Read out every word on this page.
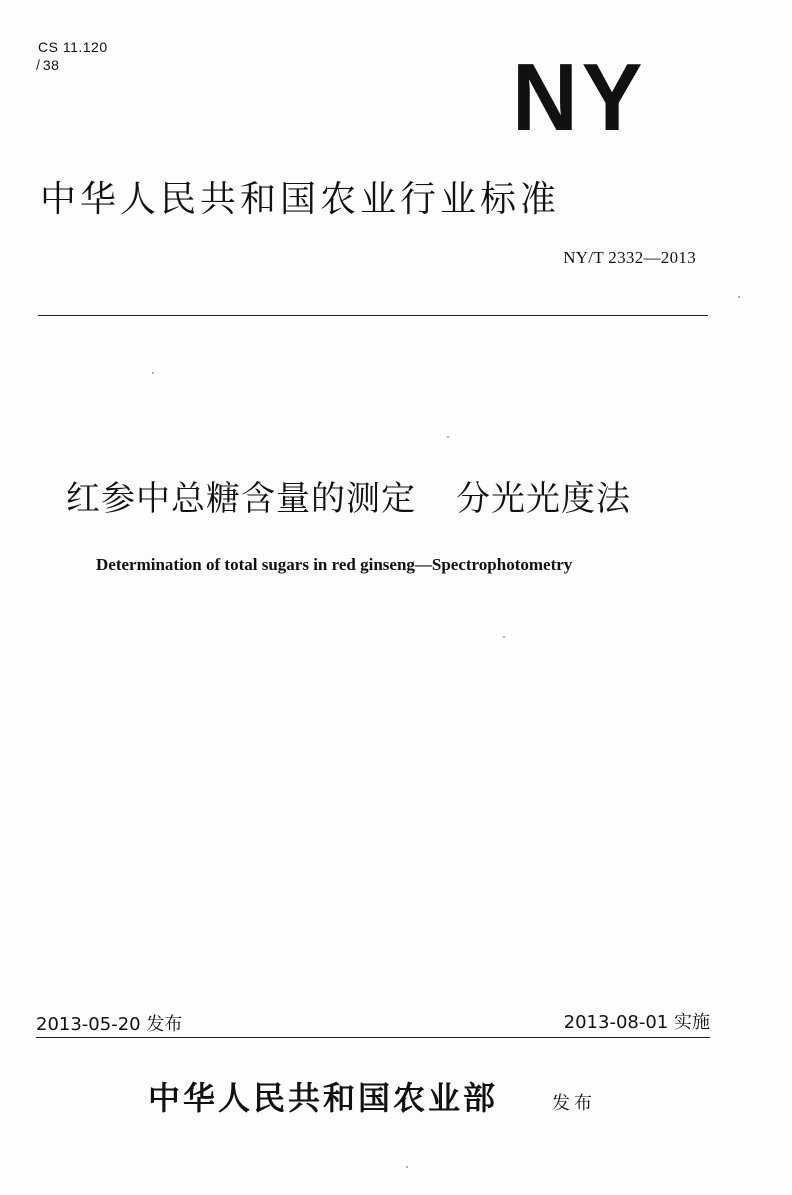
CS 11.120
̸ 38	NY
中华人民共和国农业行业标准
NY/T 2332—2013
红参中总糖含量的测定 分光光度法
Determination of total sugars in red ginseng—Spectrophotometry
2013-05-20 发布	2013-08-01 实施
中华人民共和国农业部	发布
